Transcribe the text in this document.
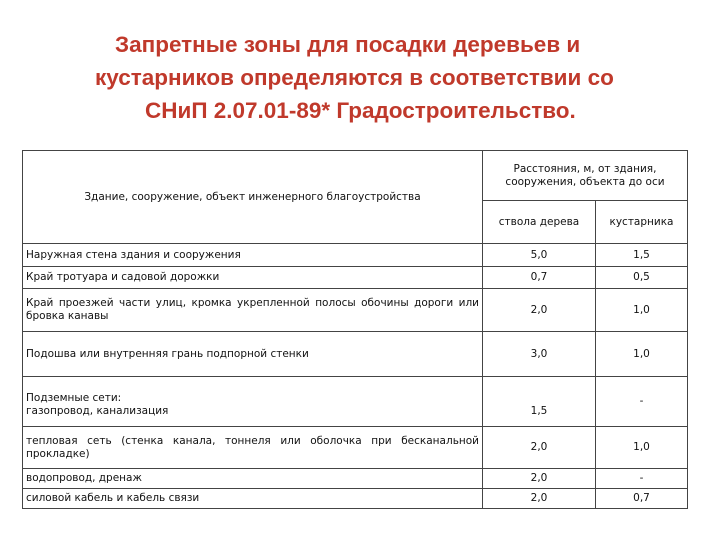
Запретные зоны для посадки деревьев и
кустарников определяются в соответствии со
СНиП 2.07.01-89* Градостроительство.
Здание, сооружение, объект инженерного благоустройства	Расстояния, м, от здания, сооружения, объекта до оси	
	ствола дерева	кустарника
Наружная стена здания и сооружения	5,0	1,5
Край тротуара и садовой дорожки	0,7	0,5
Край проезжей части улиц, кромка укрепленной полосы обочины дороги или бровка канавы	2,0	1,0
Подошва или внутренняя грань подпорной стенки	3,0	1,0

Подземные сети:
газопровод, канализация	1,5	-
тепловая сеть (стенка канала, тоннеля или оболочка при бесканальной прокладке)	2,0	1,0
водопровод, дренаж	2,0	-
силовой кабель и кабель связи	2,0	0,7
